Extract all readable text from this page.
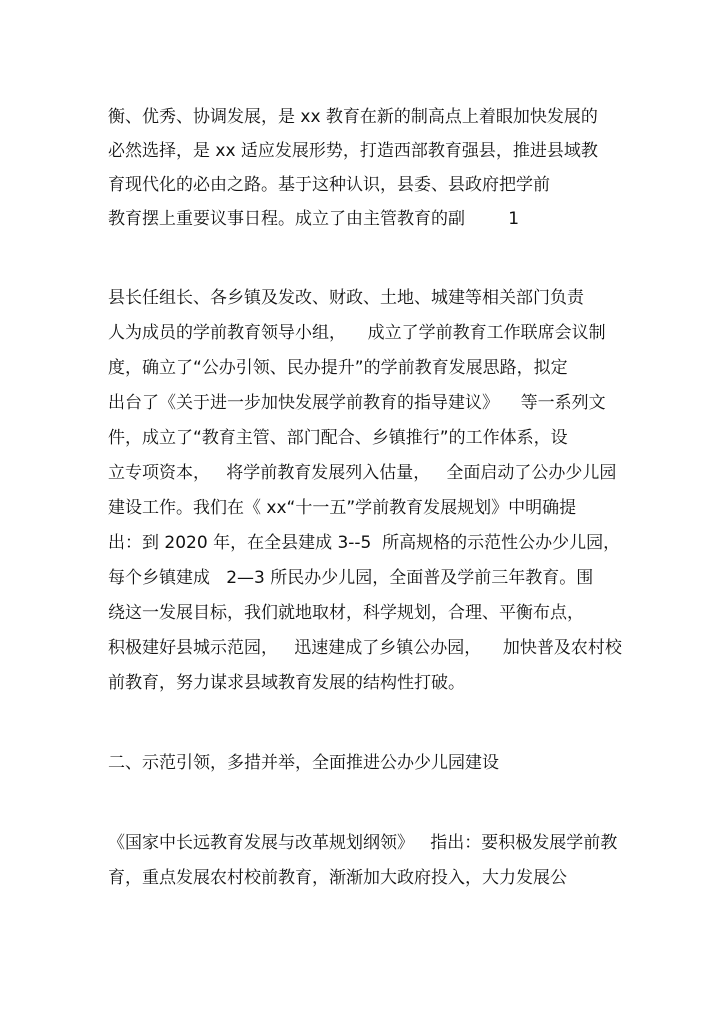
衡、优秀、协调发展，是 xx 教育在新的制高点上着眼加快发展的
必然选择，是 xx 适应发展形势，打造西部教育强县，推进县域教
育现代化的必由之路。基于这种认识，县委、县政府把学前
教育摆上重要议事日程。成立了由主管教育的副        1
县长任组长、各乡镇及发改、财政、土地、城建等相关部门负责
人为成员的学前教育领导小组，    成立了学前教育工作联席会议制
度，确立了“公办引领、民办提升”的学前教育发展思路，拟定
出台了《关于进一步加快发展学前教育的指导建议》    等一系列文
件，成立了“教育主管、部门配合、乡镇推行”的工作体系，设
立专项资本，   将学前教育发展列入估量，   全面启动了公办少儿园
建设工作。我们在《 xx“十一五”学前教育发展规划》中明确提
出：到 2020 年，在全县建成 3--5  所高规格的示范性公办少儿园，
每个乡镇建成   2—3 所民办少儿园，全面普及学前三年教育。围
绕这一发展目标，我们就地取材，科学规划，合理、平衡布点，
积极建好县城示范园，   迅速建成了乡镇公办园，    加快普及农村校
前教育，努力谋求县域教育发展的结构性打破。
二、示范引领，多措并举，全面推进公办少儿园建设
《国家中长远教育发展与改革规划纲领》   指出：要积极发展学前教
育，重点发展农村校前教育，渐渐加大政府投入，大力发展公
